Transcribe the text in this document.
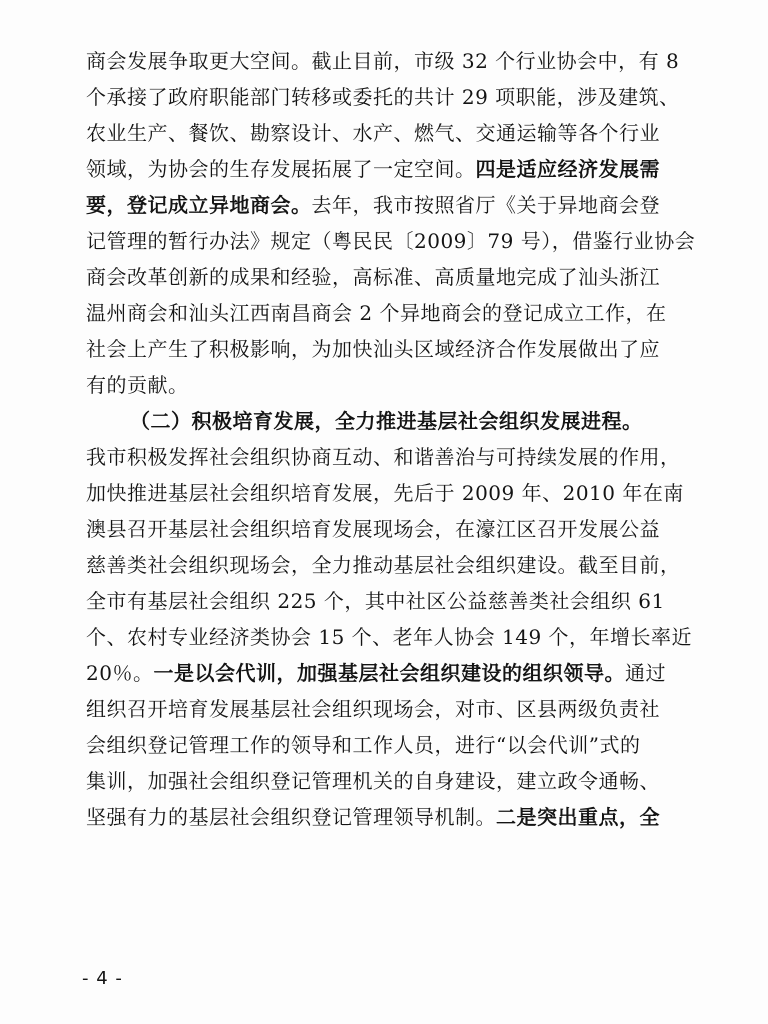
商会发展争取更大空间。截止目前，市级 32 个行业协会中，有 8
个承接了政府职能部门转移或委托的共计 29 项职能，涉及建筑、
农业生产、餐饮、勘察设计、水产、燃气、交通运输等各个行业
领域，为协会的生存发展拓展了一定空间。四是适应经济发展需
要，登记成立异地商会。去年，我市按照省厅《关于异地商会登
记管理的暂行办法》规定（粤民民〔2009〕79 号），借鉴行业协会
商会改革创新的成果和经验，高标准、高质量地完成了汕头浙江
温州商会和汕头江西南昌商会 2 个异地商会的登记成立工作，在
社会上产生了积极影响，为加快汕头区域经济合作发展做出了应
有的贡献。
（二）积极培育发展，全力推进基层社会组织发展进程。
我市积极发挥社会组织协商互动、和谐善治与可持续发展的作用，
加快推进基层社会组织培育发展，先后于 2009 年、2010 年在南
澳县召开基层社会组织培育发展现场会，在濠江区召开发展公益
慈善类社会组织现场会，全力推动基层社会组织建设。截至目前，
全市有基层社会组织 225 个，其中社区公益慈善类社会组织 61
个、农村专业经济类协会 15 个、老年人协会 149 个，年增长率近
20％。一是以会代训，加强基层社会组织建设的组织领导。通过
组织召开培育发展基层社会组织现场会，对市、区县两级负责社
会组织登记管理工作的领导和工作人员，进行“以会代训”式的
集训，加强社会组织登记管理机关的自身建设，建立政令通畅、
坚强有力的基层社会组织登记管理领导机制。二是突出重点，全
- 4 -
